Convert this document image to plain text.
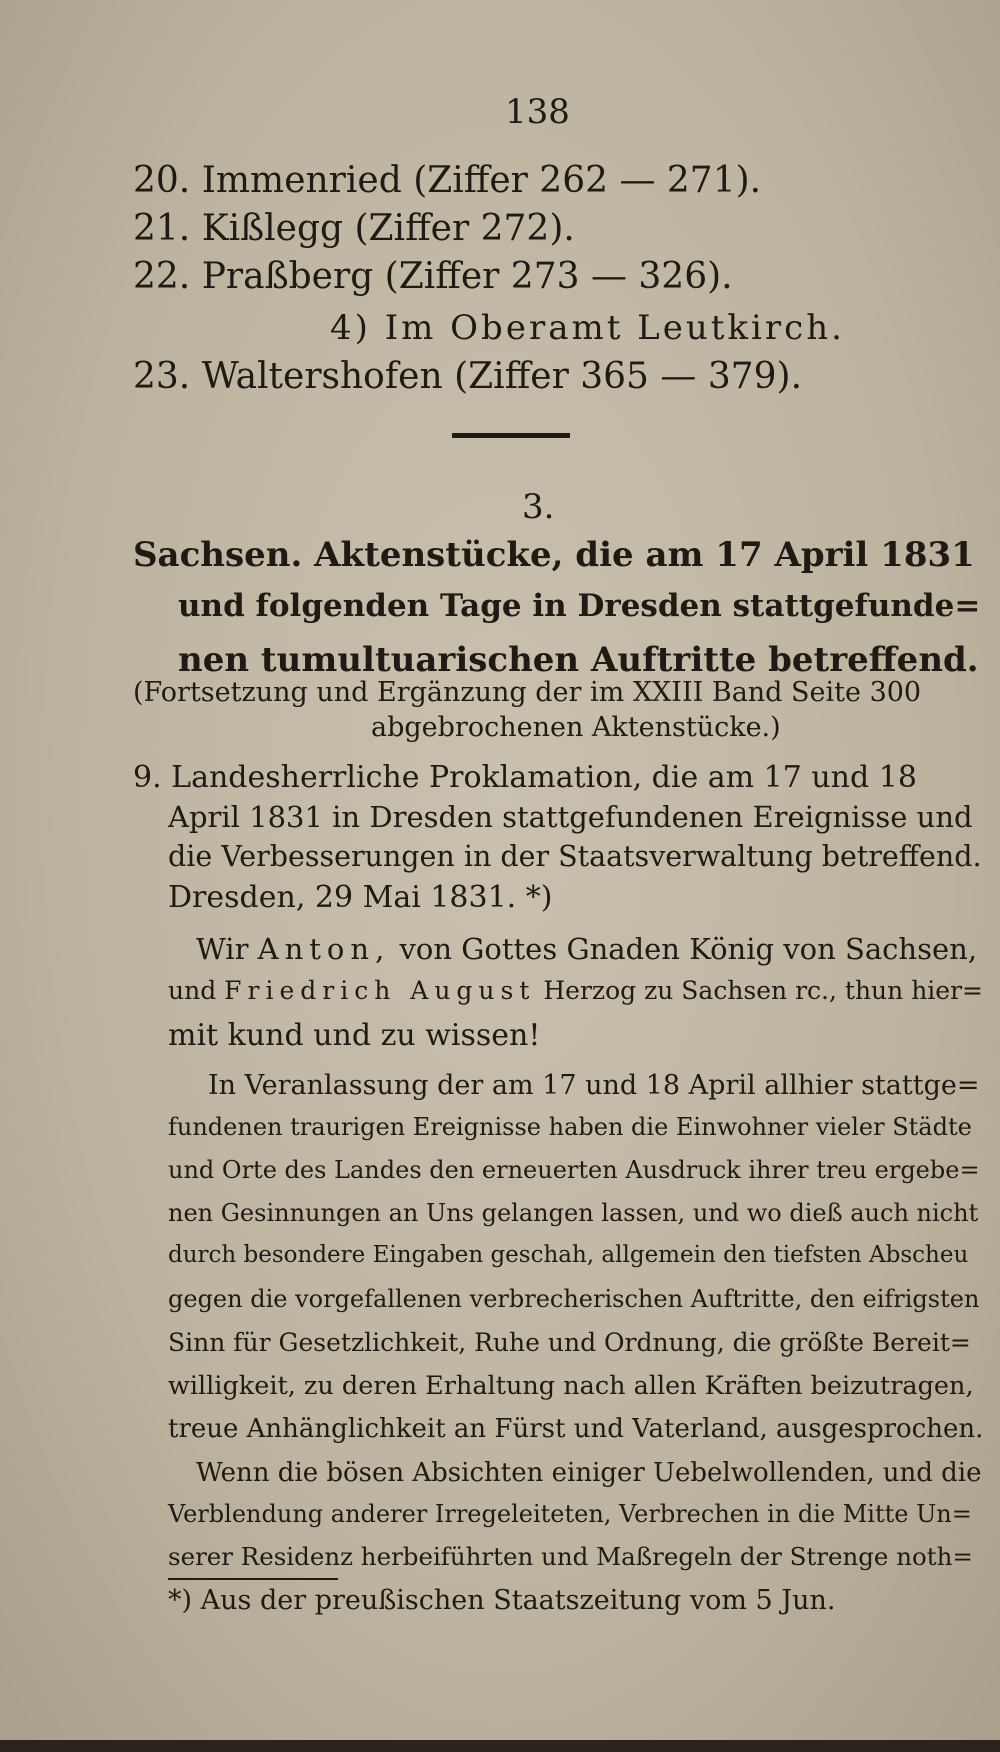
138
20. Immenried (Ziffer 262 — 271).
21. Kißlegg (Ziffer 272).
22. Praßberg (Ziffer 273 — 326).
4) Im Oberamt Leutkirch.
23. Waltershofen (Ziffer 365 — 379).
3.
Sachsen. Aktenstücke, die am 17 April 1831
und folgenden Tage in Dresden stattgefunde=
nen tumultuarischen Auftritte betreffend.
(Fortsetzung und Ergänzung der im XXIII Band Seite 300
abgebrochenen Aktenstücke.)
9. Landesherrliche Proklamation, die am 17 und 18
April 1831 in Dresden stattgefundenen Ereignisse und
die Verbesserungen in der Staatsverwaltung betreffend.
Dresden, 29 Mai 1831. *)
Wir Anton, von Gottes Gnaden König von Sachsen,
und Friedrich August Herzog zu Sachsen rc., thun hier=
mit kund und zu wissen!
In Veranlassung der am 17 und 18 April allhier stattge=
fundenen traurigen Ereignisse haben die Einwohner vieler Städte
und Orte des Landes den erneuerten Ausdruck ihrer treu ergebe=
nen Gesinnungen an Uns gelangen lassen, und wo dieß auch nicht
durch besondere Eingaben geschah, allgemein den tiefsten Abscheu
gegen die vorgefallenen verbrecherischen Auftritte, den eifrigsten
Sinn für Gesetzlichkeit, Ruhe und Ordnung, die größte Bereit=
willigkeit, zu deren Erhaltung nach allen Kräften beizutragen,
treue Anhänglichkeit an Fürst und Vaterland, ausgesprochen.
Wenn die bösen Absichten einiger Uebelwollenden, und die
Verblendung anderer Irregeleiteten, Verbrechen in die Mitte Un=
serer Residenz herbeiführten und Maßregeln der Strenge noth=
*) Aus der preußischen Staatszeitung vom 5 Jun.
